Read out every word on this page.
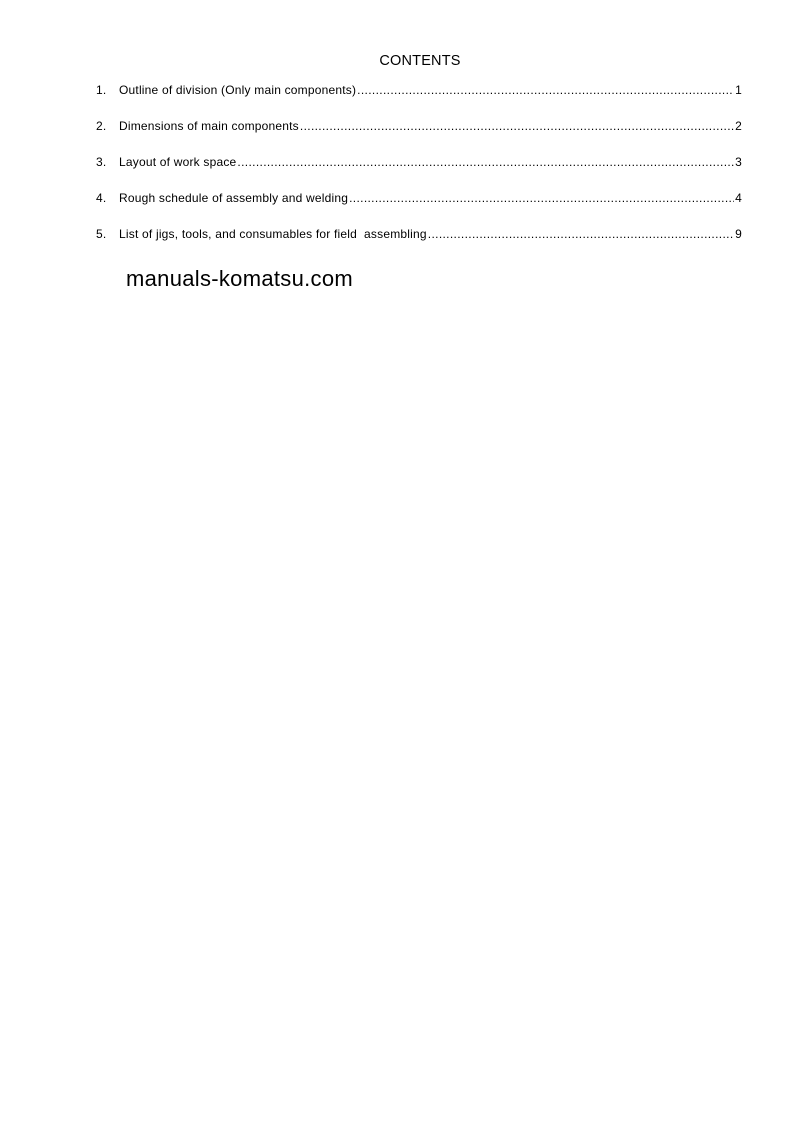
CONTENTS
1.	Outline of division (Only main components) .....	1
2.	Dimensions of main components .....	2
3.	Layout of work space .....	3
4.	Rough schedule of assembly and welding .....	4
5.	List of jigs, tools, and consumables for field  assembling .....	9
manuals-komatsu.com
